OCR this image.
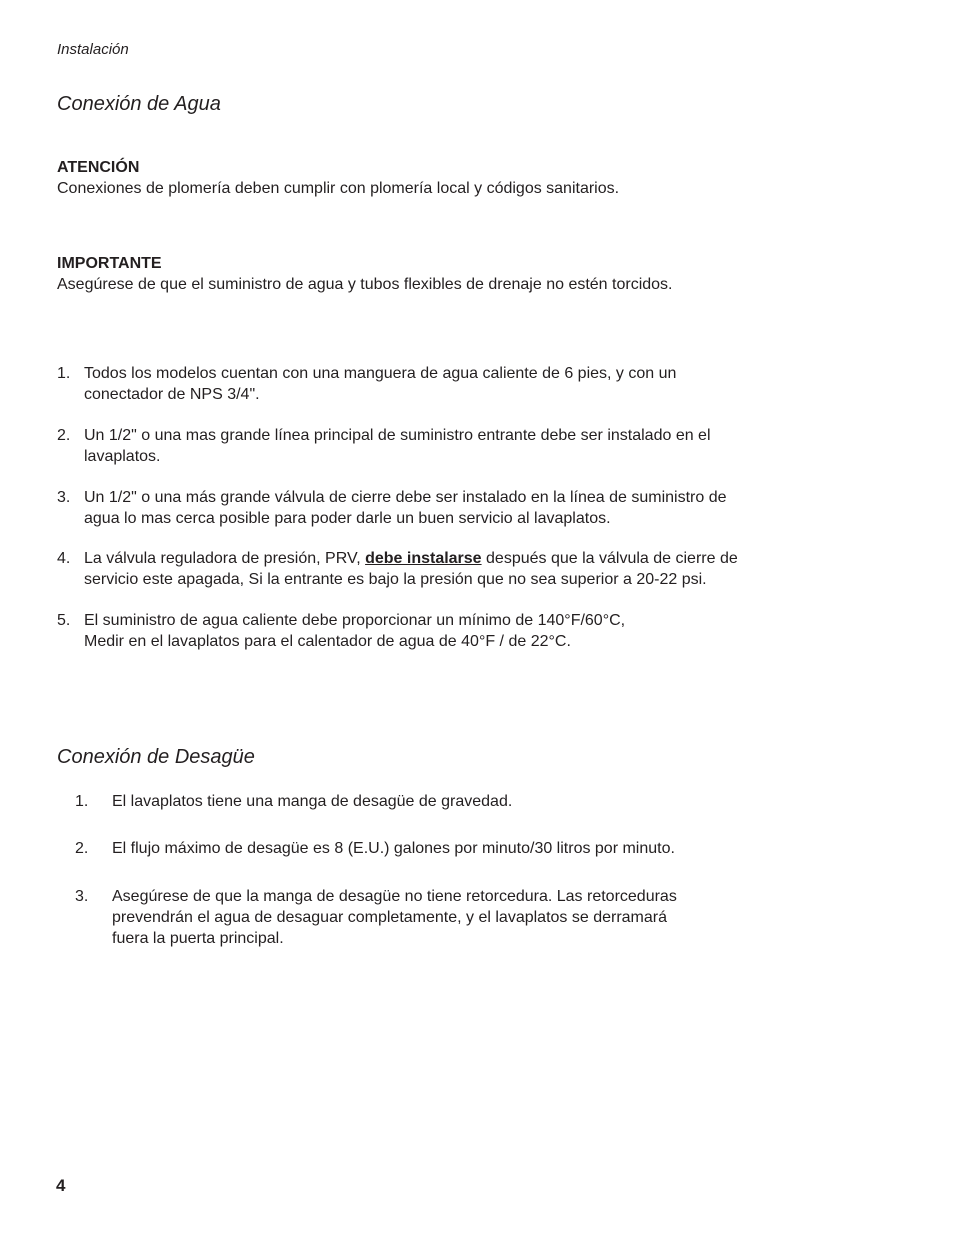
Instalación
Conexión de Agua
ATENCIÓN
Conexiones de plomería deben cumplir con plomería local y códigos sanitarios.
IMPORTANTE
Asegúrese de que el suministro de agua y tubos flexibles de drenaje no estén torcidos.
1. Todos los modelos cuentan con una manguera de agua caliente de 6 pies, y con un
conectador de NPS 3/4".
2. Un 1/2" o una mas grande línea principal de suministro entrante debe ser instalado en el
lavaplatos.
3. Un 1/2" o una más grande válvula de cierre debe ser instalado en la línea de suministro de
agua lo mas cerca posible para poder darle un buen servicio al lavaplatos.
4. La válvula reguladora de presión, PRV, debe instalarse después que la válvula de cierre de
servicio este apagada, Si la entrante es bajo la presión que no sea superior a 20-22 psi.
5. El suministro de agua caliente debe proporcionar un mínimo de 140°F/60°C,
Medir en el lavaplatos para el calentador de agua de 40°F / de 22°C.
Conexión de Desagüe
1.	El lavaplatos tiene una manga de desagüe de gravedad.
2.	El flujo máximo de desagüe es 8 (E.U.) galones por minuto/30 litros por minuto.
3.	Asegúrese de que la manga de desagüe no tiene retorcedura. Las retorceduras
prevendrán el agua de desaguar completamente, y el lavaplatos se derramará
fuera la puerta principal.
4
